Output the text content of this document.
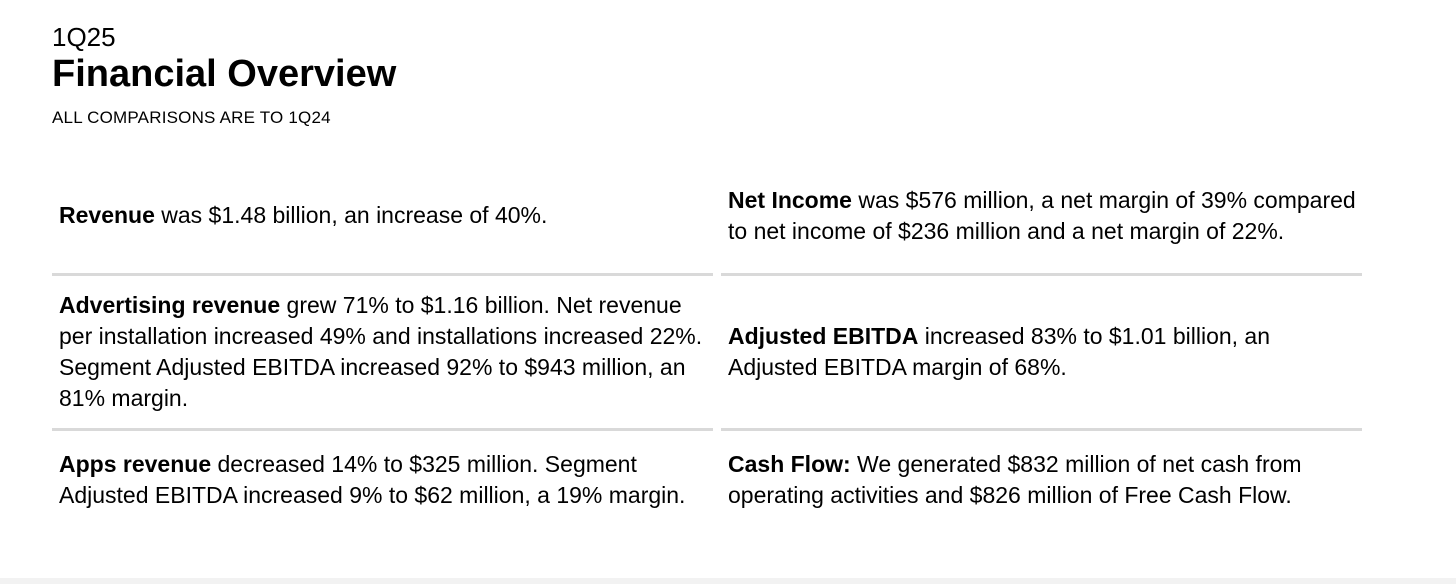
1Q25
Financial Overview
ALL COMPARISONS ARE TO 1Q24
Revenue was $1.48 billion, an increase of 40%.
Net Income was $576 million, a net margin of 39% compared to net income of $236 million and a net margin of 22%.
Advertising revenue grew 71% to $1.16 billion. Net revenue per installation increased 49% and installations increased 22%. Segment Adjusted EBITDA increased 92% to $943 million, an 81% margin.
Adjusted EBITDA increased 83% to $1.01 billion, an Adjusted EBITDA margin of 68%.
Apps revenue decreased 14% to $325 million. Segment Adjusted EBITDA increased 9% to $62 million, a 19% margin.
Cash Flow: We generated $832 million of net cash from operating activities and $826 million of Free Cash Flow.
